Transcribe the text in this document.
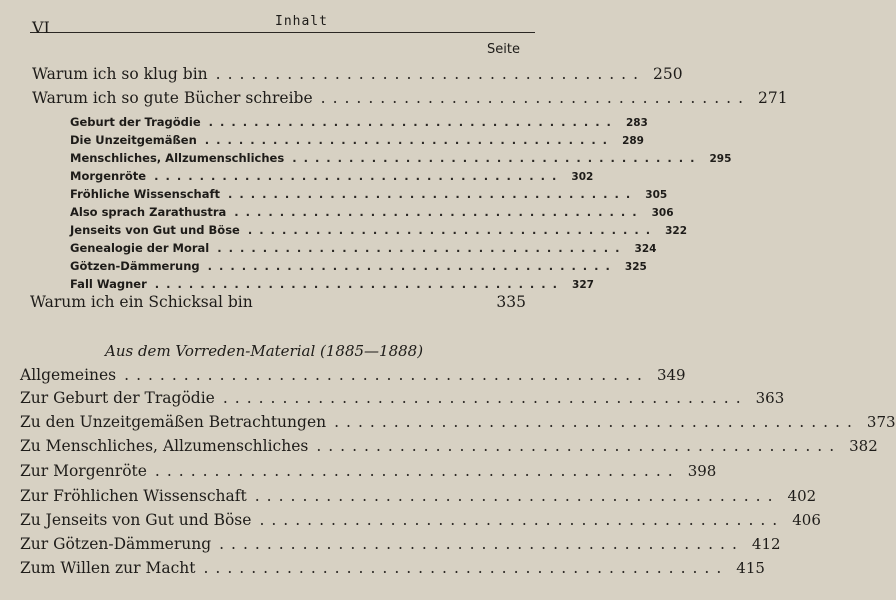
VI	Inhalt
Seite
Warum ich so klug bin .................................... 250
Warum ich so gute Bücher schreibe .................................... 271
Geburt der Tragödie .................................... 283
Die Unzeitgemäßen .................................... 289
Menschliches, Allzumenschliches .................................... 295
Morgenröte .................................... 302
Fröhliche Wissenschaft .................................... 305
Also sprach Zarathustra .................................... 306
Jenseits von Gut und Böse .................................... 322
Genealogie der Moral .................................... 324
Götzen-Dämmerung .................................... 325
Fall Wagner .................................... 327
Warum ich ein Schicksal bin	335
Aus dem Vorreden-Material (1885—1888)
Allgemeines ............................................ 349
Zur Geburt der Tragödie ............................................ 363
Zu den Unzeitgemäßen Betrachtungen ............................................ 373
Zu Menschliches, Allzumenschliches ............................................ 382
Zur Morgenröte ............................................ 398
Zur Fröhlichen Wissenschaft ............................................ 402
Zu Jenseits von Gut und Böse ............................................ 406
Zur Götzen-Dämmerung ............................................ 412
Zum Willen zur Macht ............................................ 415
